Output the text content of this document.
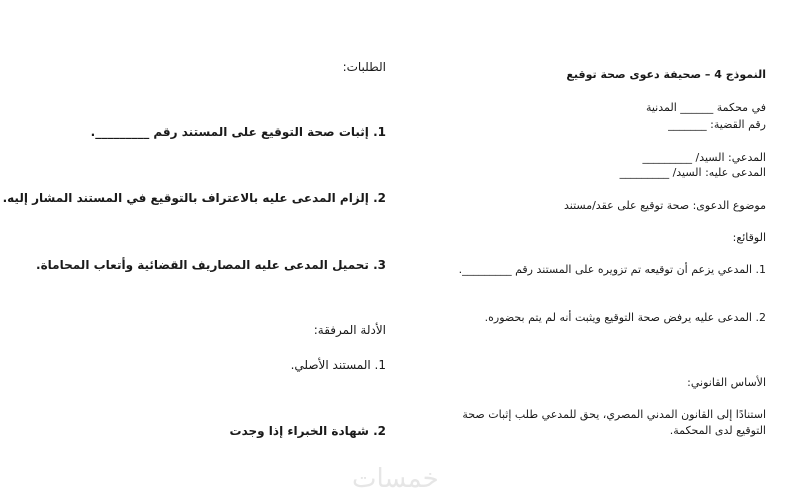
النموذج 4 – صحيفة دعوى صحة توقيع

في محكمة ______ المدنية

رقم القضية: _______

المدعي: السيد/ _________

المدعى عليه: السيد/ _________

موضوع الدعوى: صحة توقيع على عقد/مستند

الوقائع:

1. المدعي يزعم أن توقيعه تم تزويره على المستند رقم _________.

2. المدعى عليه يرفض صحة التوقيع ويثبت أنه لم يتم بحضوره.

الأساس القانوني:

استنادًا إلى القانون المدني المصري، يحق للمدعي طلب إثبات صحة التوقيع لدى المحكمة.

الطلبات:

1. إثبات صحة التوقيع على المستند رقم _________.

2. إلزام المدعى عليه بالاعتراف بالتوقيع في المستند المشار إليه.

3. تحميل المدعى عليه المصاريف القضائية وأتعاب المحاماة.

الأدلة المرفقة:

1. المستند الأصلي.

2. شهادة الخبراء إذا وجدت

خمسات
